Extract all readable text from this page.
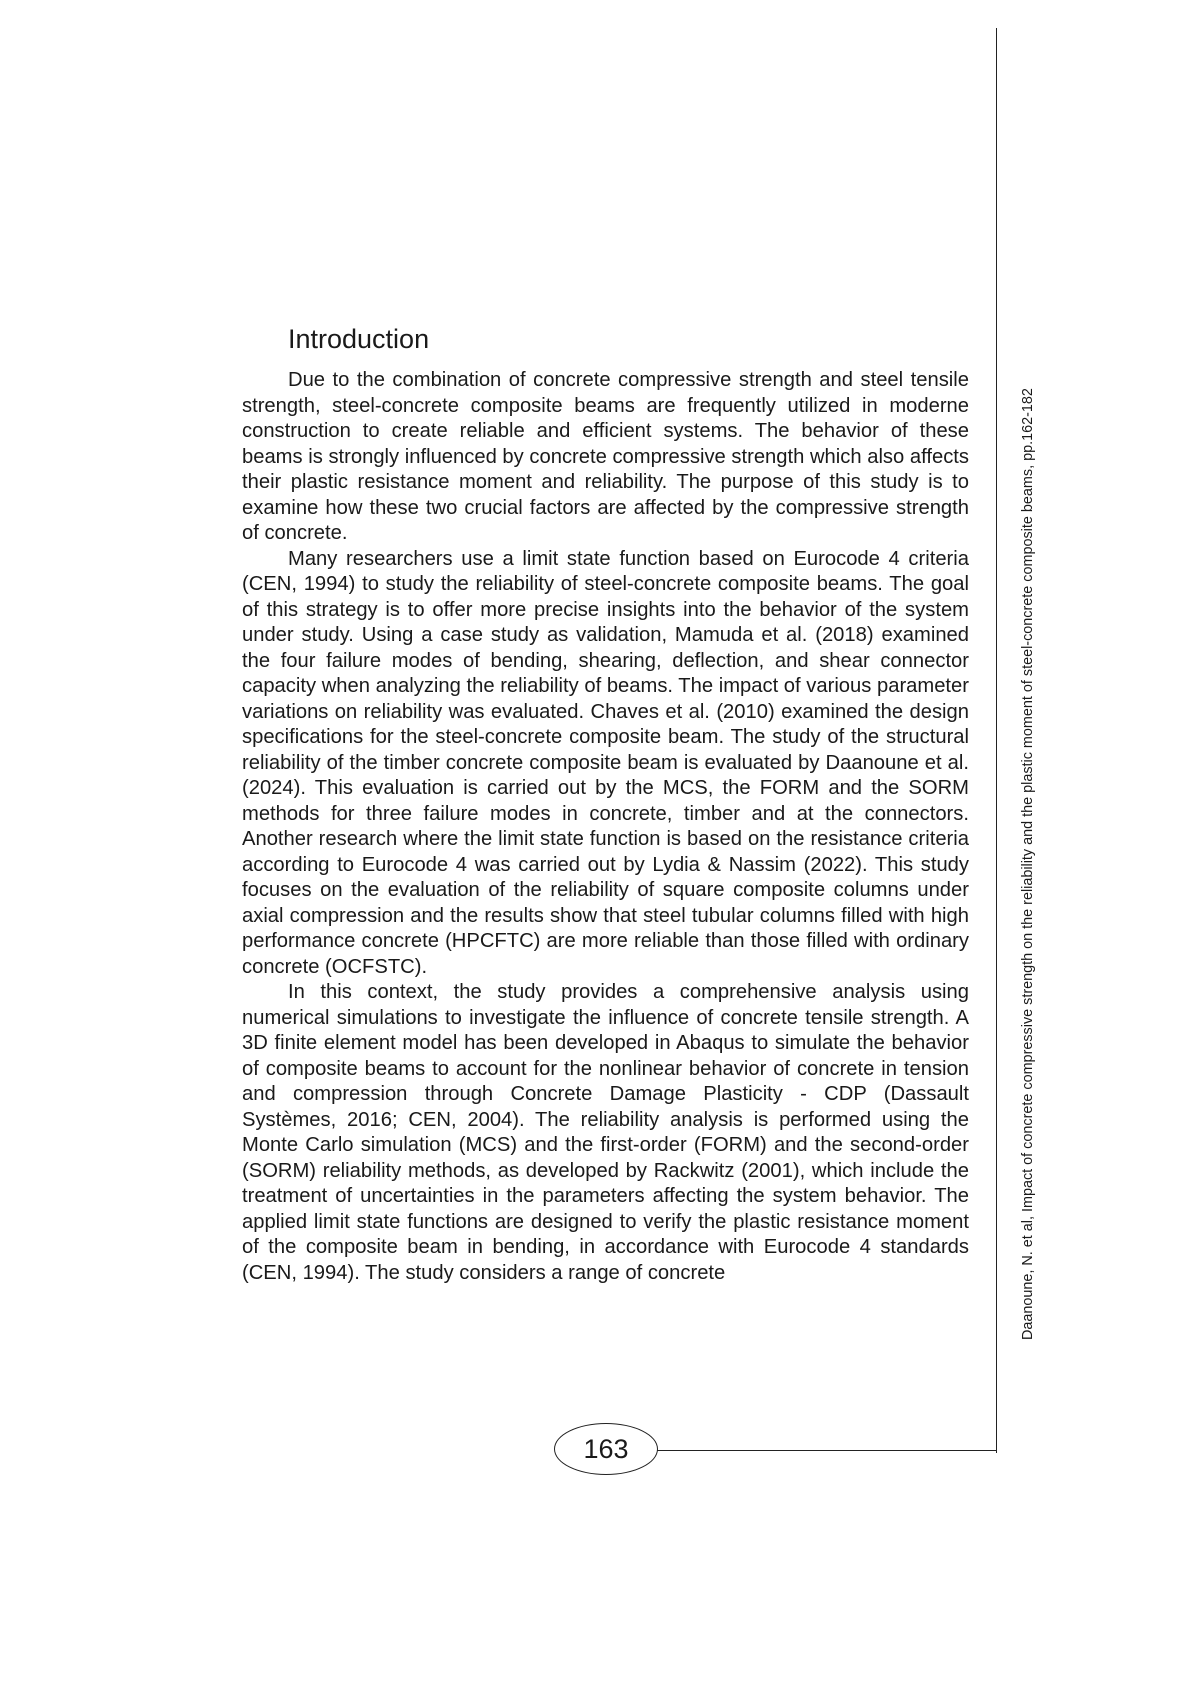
Introduction

Due to the combination of concrete compressive strength and steel tensile strength, steel-concrete composite beams are frequently utilized in moderne construction to create reliable and efficient systems. The behavior of these beams is strongly influenced by concrete compressive strength which also affects their plastic resistance moment and reliability. The purpose of this study is to examine how these two crucial factors are affected by the compressive strength of concrete.

Many researchers use a limit state function based on Eurocode 4 criteria (CEN, 1994) to study the reliability of steel-concrete composite beams. The goal of this strategy is to offer more precise insights into the behavior of the system under study. Using a case study as validation, Mamuda et al. (2018) examined the four failure modes of bending, shearing, deflection, and shear connector capacity when analyzing the reliability of beams. The impact of various parameter variations on reliability was evaluated. Chaves et al. (2010) examined the design specifications for the steel-concrete composite beam. The study of the structural reliability of the timber concrete composite beam is evaluated by Daanoune et al. (2024). This evaluation is carried out by the MCS, the FORM and the SORM methods for three failure modes in concrete, timber and at the connectors. Another research where the limit state function is based on the resistance criteria according to Eurocode 4 was carried out by Lydia & Nassim (2022). This study focuses on the evaluation of the reliability of square composite columns under axial compression and the results show that steel tubular columns filled with high performance concrete (HPCFTC) are more reliable than those filled with ordinary concrete (OCFSTC).

In this context, the study provides a comprehensive analysis using numerical simulations to investigate the influence of concrete tensile strength. A 3D finite element model has been developed in Abaqus to simulate the behavior of composite beams to account for the nonlinear behavior of concrete in tension and compression through Concrete Damage Plasticity - CDP (Dassault Systèmes, 2016; CEN, 2004). The reliability analysis is performed using the Monte Carlo simulation (MCS) and the first-order (FORM) and the second-order (SORM) reliability methods, as developed by Rackwitz (2001), which include the treatment of uncertainties in the parameters affecting the system behavior. The applied limit state functions are designed to verify the plastic resistance moment of the composite beam in bending, in accordance with Eurocode 4 standards (CEN, 1994). The study considers a range of concrete

163
Daanoune, N. et al, Impact of concrete compressive strength on the reliability and the plastic moment of steel-concrete composite beams, pp.162-182
